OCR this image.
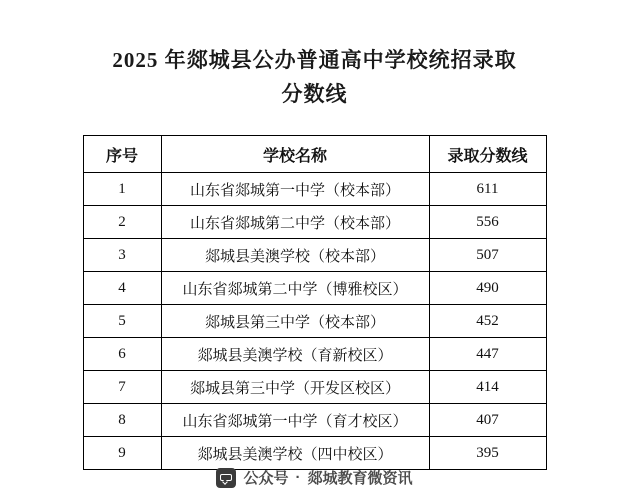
2025 年郯城县公办普通高中学校统招录取
分数线
序号	学校名称	录取分数线
1	山东省郯城第一中学（校本部）	611
2	山东省郯城第二中学（校本部）	556
3	郯城县美澳学校（校本部）	507
4	山东省郯城第二中学（博雅校区）	490
5	郯城县第三中学（校本部）	452
6	郯城县美澳学校（育新校区）	447
7	郯城县第三中学（开发区校区）	414
8	山东省郯城第一中学（育才校区）	407
9	郯城县美澳学校（四中校区）	395
公众号 · 郯城教育微资讯
